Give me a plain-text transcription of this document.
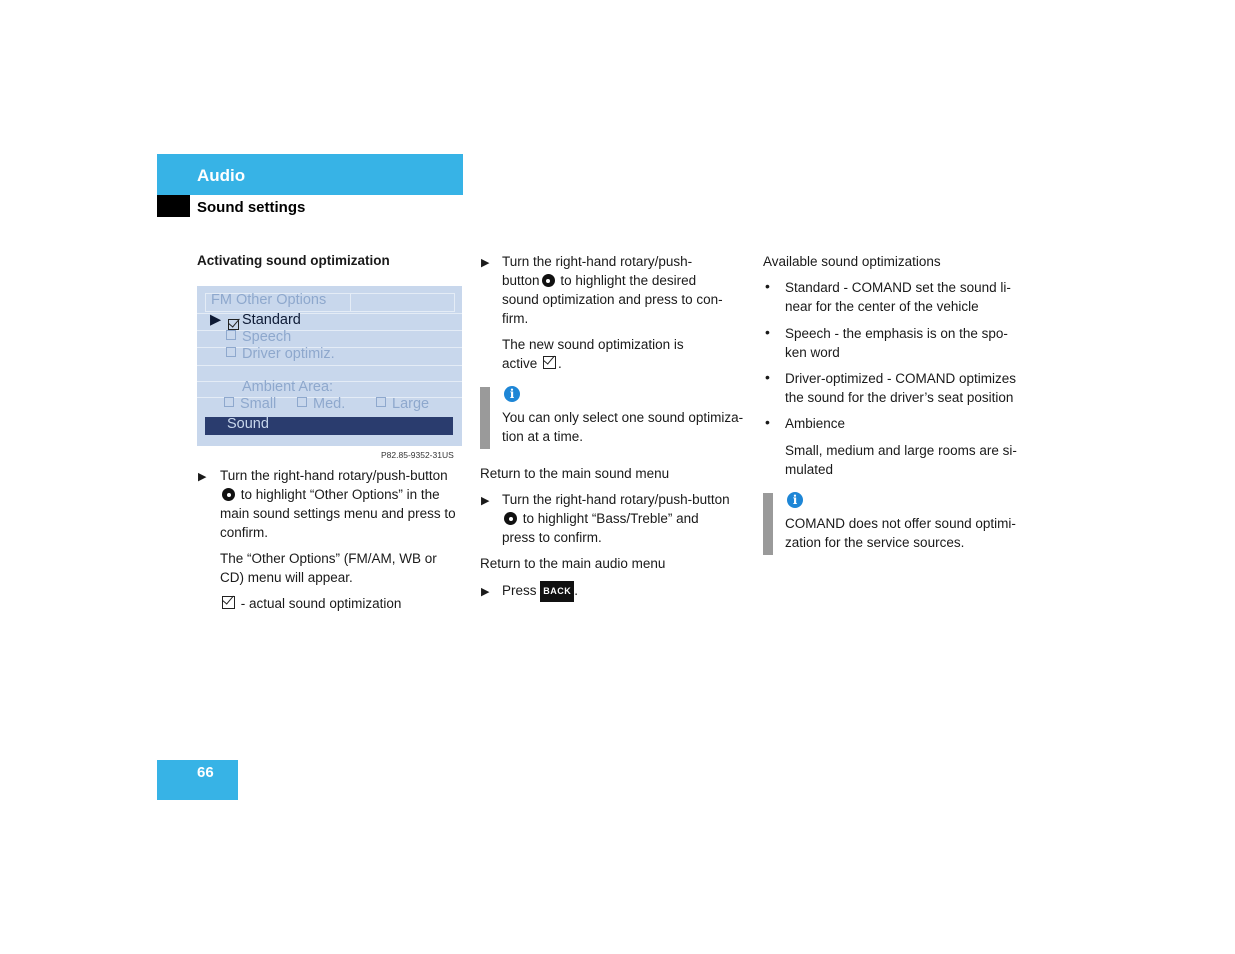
Audio
Sound settings
Activating sound optimization
FM Other Options
▶ Standard
Speech
Driver optimiz.
Ambient Area:
Small	Med.	Large
Sound
P82.85-9352-31US
▶ Turn the right-hand rotary/push-button
to highlight “Other Options” in the
main sound settings menu and press to
confirm.
The “Other Options” (FM/AM, WB or
CD) menu will appear.
- actual sound optimization
▶ Turn the right-hand rotary/push-
button to highlight the desired
sound optimization and press to con-
firm.
The new sound optimization is
active .
i
You can only select one sound optimiza-
tion at a time.
Return to the main sound menu
▶ Turn the right-hand rotary/push-button
to highlight “Bass/Treble” and
press to confirm.
Return to the main audio menu
▶ Press BACK .
Available sound optimizations
• Standard - COMAND set the sound li-
near for the center of the vehicle
• Speech - the emphasis is on the spo-
ken word
• Driver-optimized - COMAND optimizes
the sound for the driver’s seat position
• Ambience
Small, medium and large rooms are si-
mulated
i
COMAND does not offer sound optimi-
zation for the service sources.
66
